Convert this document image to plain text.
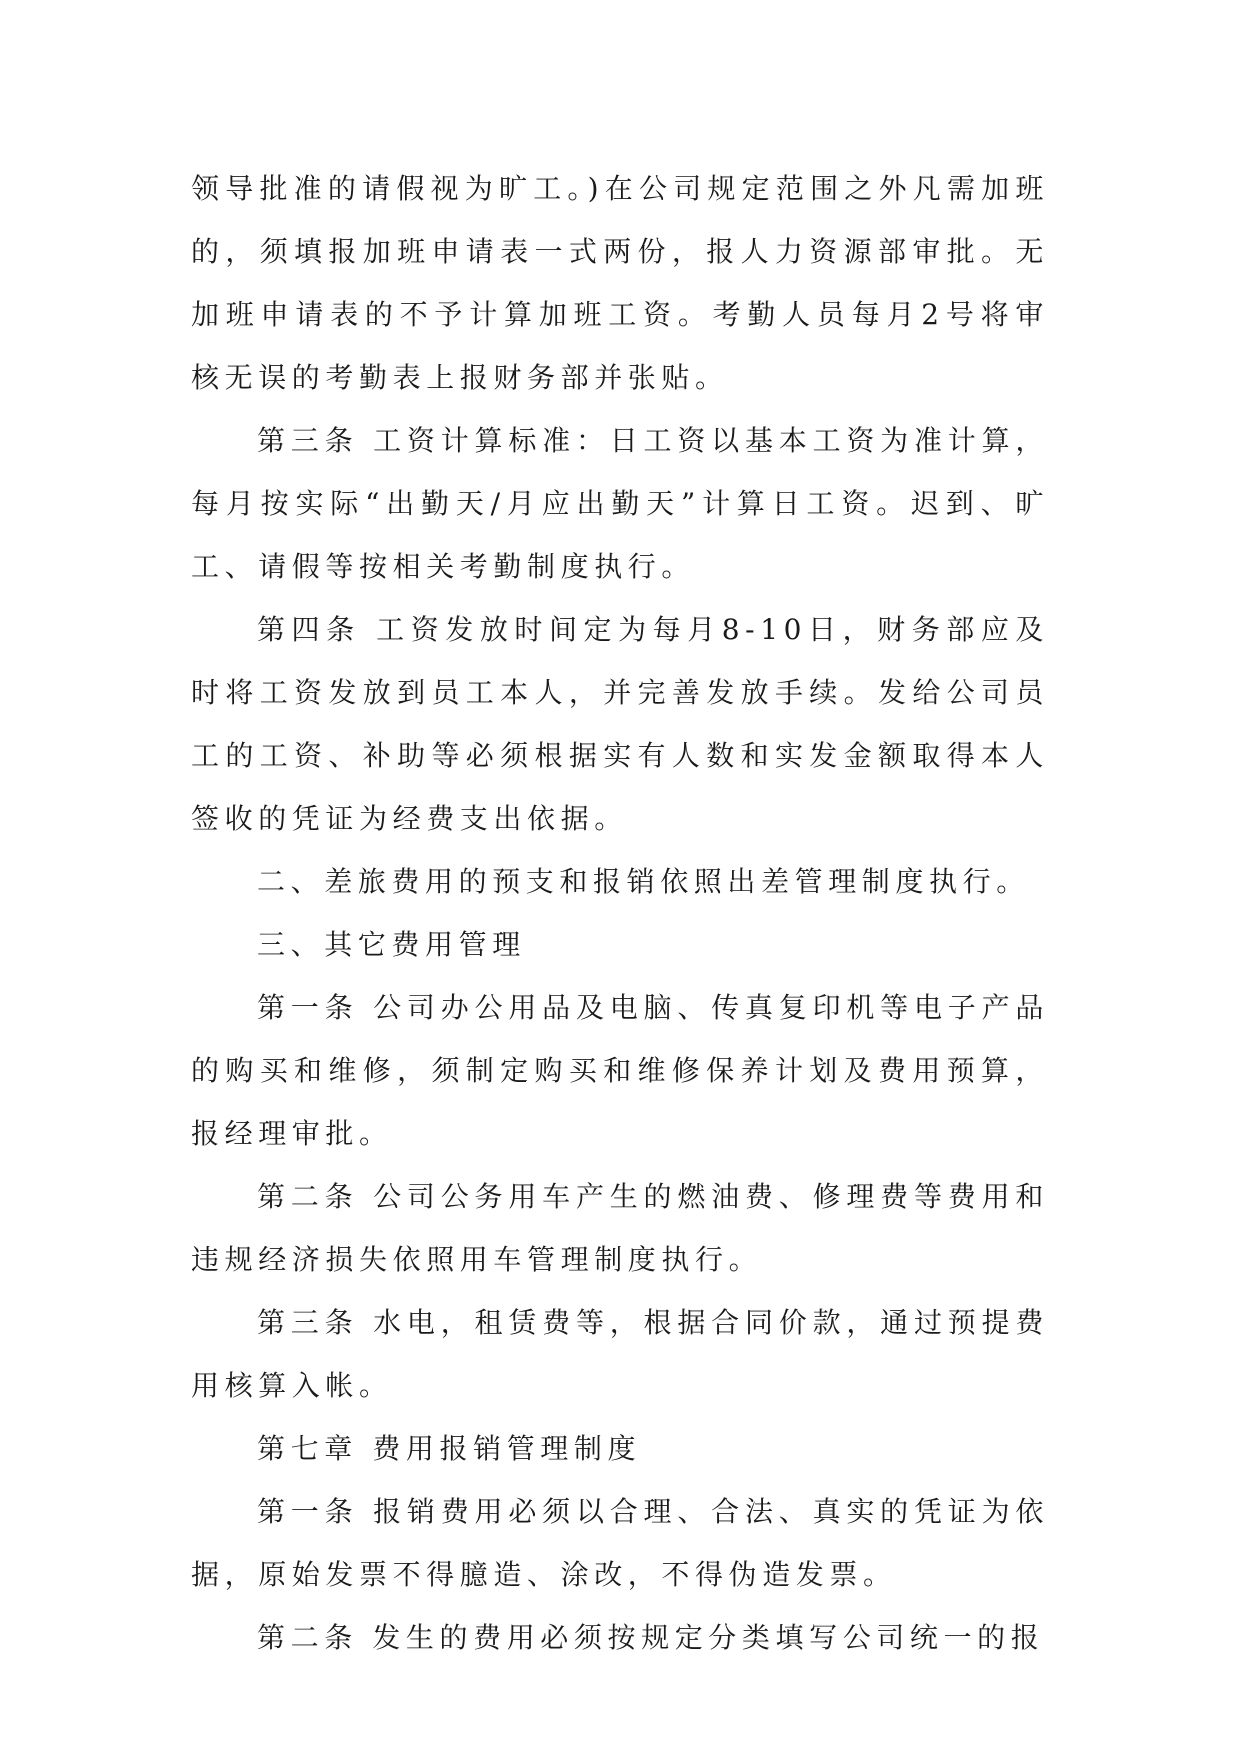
领导批准的请假视为旷工。)在公司规定范围之外凡需加班的，须填报加班申请表一式两份，报人力资源部审批。无加班申请表的不予计算加班工资。考勤人员每月2号将审核无误的考勤表上报财务部并张贴。

第三条 工资计算标准：日工资以基本工资为准计算，每月按实际“出勤天/月应出勤天”计算日工资。迟到、旷工、请假等按相关考勤制度执行。

第四条 工资发放时间定为每月8-10日，财务部应及时将工资发放到员工本人，并完善发放手续。发给公司员工的工资、补助等必须根据实有人数和实发金额取得本人签收的凭证为经费支出依据。

二、差旅费用的预支和报销依照出差管理制度执行。

三、其它费用管理

第一条 公司办公用品及电脑、传真复印机等电子产品的购买和维修，须制定购买和维修保养计划及费用预算，报经理审批。

第二条 公司公务用车产生的燃油费、修理费等费用和违规经济损失依照用车管理制度执行。

第三条 水电，租赁费等，根据合同价款，通过预提费用核算入帐。

第七章 费用报销管理制度

第一条 报销费用必须以合理、合法、真实的凭证为依据，原始发票不得臆造、涂改，不得伪造发票。

第二条 发生的费用必须按规定分类填写公司统一的报
